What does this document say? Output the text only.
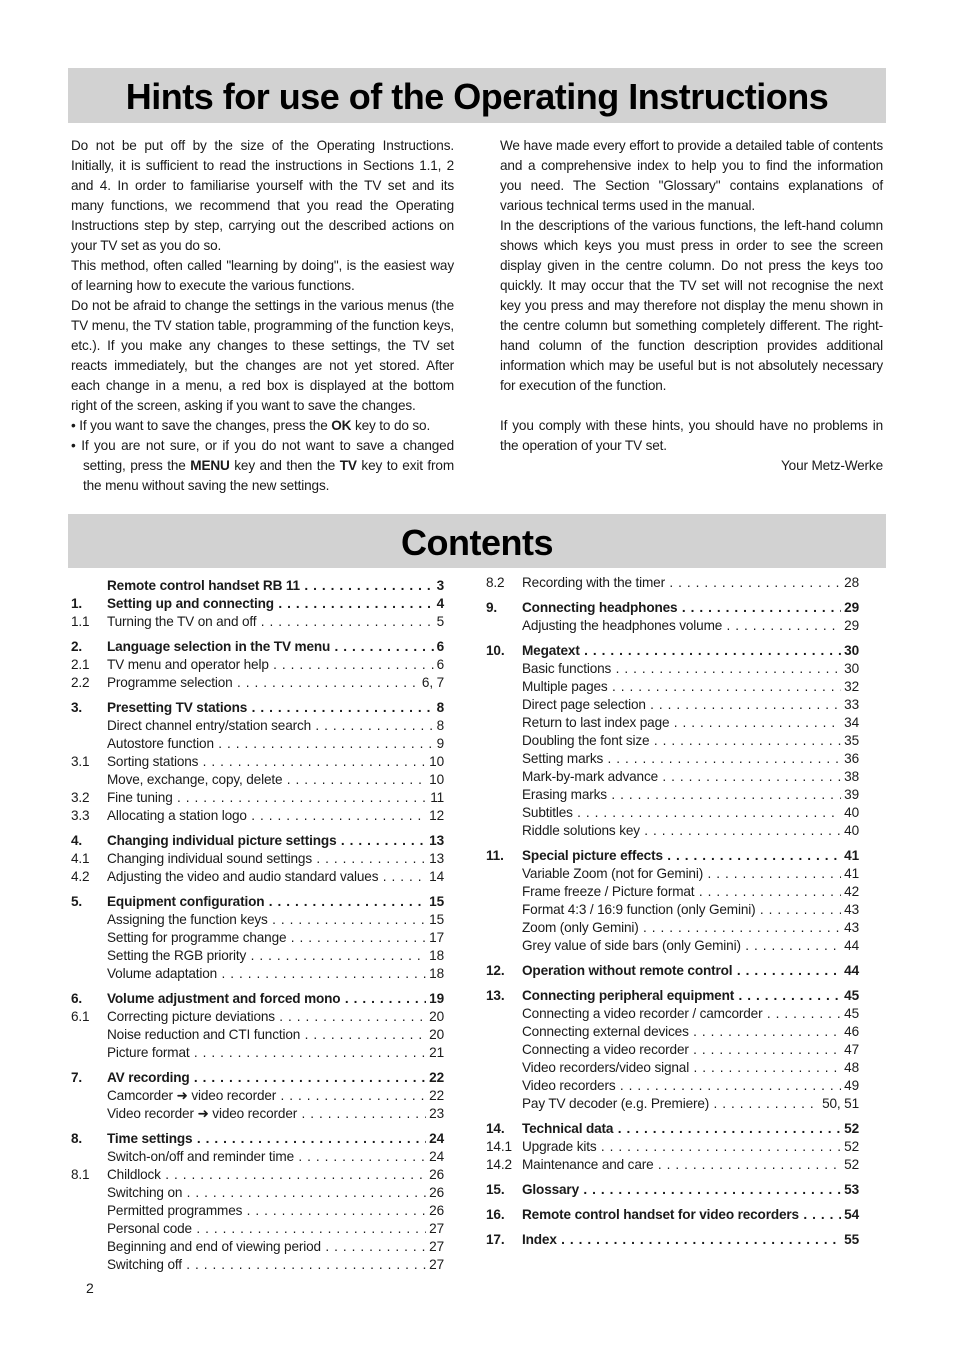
Hints for use of the Operating Instructions

Do not be put off by the size of the Operating Instructions. Initially, it is sufficient to read the instructions in Sections 1.1, 2 and 4. In order to familiarise yourself with the TV set and its many functions, we recommend that you read the Operating Instructions step by step, carrying out the described actions on your TV set as you do so.

This method, often called "learning by doing", is the easiest way of learning how to execute the various functions.

Do not be afraid to change the settings in the various menus (the TV menu, the TV station table, programming of the function keys, etc.). If you make any changes to these settings, the TV set reacts immediately, but the changes are not yet stored. After each change in a menu, a red box is displayed at the bottom right of the screen, asking if you want to save the changes.

• If you want to save the changes, press the OK key to do so.

• If you are not sure, or if you do not want to save a changed setting, press the MENU key and then the TV key to exit from the menu without saving the new settings.

We have made every effort to provide a detailed table of contents and a comprehensive index to help you to find the information you need. The Section "Glossary" contains explanations of various technical terms used in the manual.

In the descriptions of the various functions, the left-hand column shows which keys you must press in order to see the screen display given in the centre column. Do not press the keys too quickly. It may occur that the TV set will not recognise the next key you press and may therefore not display the menu shown in the centre column but something completely different. The right-hand column of the function description provides additional information which may be useful but is not absolutely necessary for execution of the function.

If you comply with these hints, you should have no problems in the operation of your TV set.

Your Metz-Werke

Contents
Remote control handset RB 11 . . .	3
1. Setting up and connecting . . .	4
1.1 Turning the TV on and off . . .	5
2. Language selection in the TV menu . . .	6
2.1 TV menu and operator help . . .	6
2.2 Programme selection . . .	6, 7
3. Presetting TV stations . . .	8
Direct channel entry/station search . . .	8
Autostore function . . .	9
3.1 Sorting stations . . .	10
Move, exchange, copy, delete . . .	10
3.2 Fine tuning . . .	11
3.3 Allocating a station logo . . .	12
4. Changing individual picture settings . . .	13
4.1 Changing individual sound settings . . .	13
4.2 Adjusting the video and audio standard values . . .	14
5. Equipment configuration . . .	15
Assigning the function keys . . .	15
Setting for programme change . . .	17
Setting the RGB priority . . .	18
Volume adaptation . . .	18
6. Volume adjustment and forced mono . . .	19
6.1 Correcting picture deviations . . .	20
Noise reduction and CTI function . . .	20
Picture format . . .	21
7. AV recording . . .	22
Camcorder ➜ video recorder . . .	22
Video recorder ➜ video recorder . . .	23
8. Time settings . . .	24
Switch-on/off and reminder time . . .	24
8.1 Childlock . . .	26
Switching on . . .	26
Permitted programmes . . .	26
Personal code . . .	27
Beginning and end of viewing period . . .	27
Switching off . . .	27
8.2 Recording with the timer . . .	28
9. Connecting headphones . . .	29
Adjusting the headphones volume . . .	29
10. Megatext . . .	30
Basic functions . . .	30
Multiple pages . . .	32
Direct page selection . . .	33
Return to last index page . . .	34
Doubling the font size . . .	35
Setting marks . . .	36
Mark-by-mark advance . . .	38
Erasing marks . . .	39
Subtitles . . .	40
Riddle solutions key . . .	40
11. Special picture effects . . .	41
Variable Zoom (not for Gemini) . . .	41
Frame freeze / Picture format . . .	42
Format 4:3 / 16:9 function (only Gemini) . . .	43
Zoom (only Gemini) . . .	43
Grey value of side bars (only Gemini) . . .	44
12. Operation without remote control . . .	44
13. Connecting peripheral equipment . . .	45
Connecting a video recorder / camcorder . . .	45
Connecting external devices . . .	46
Connecting a video recorder . . .	47
Video recorders/video signal . . .	48
Video recorders . . .	49
Pay TV decoder (e.g. Premiere) . . .	50, 51
14. Technical data . . .	52
14.1 Upgrade kits . . .	52
14.2 Maintenance and care . . .	52
15. Glossary . . .	53
16. Remote control handset for video recorders . . .	54
17. Index . . .	55
2
